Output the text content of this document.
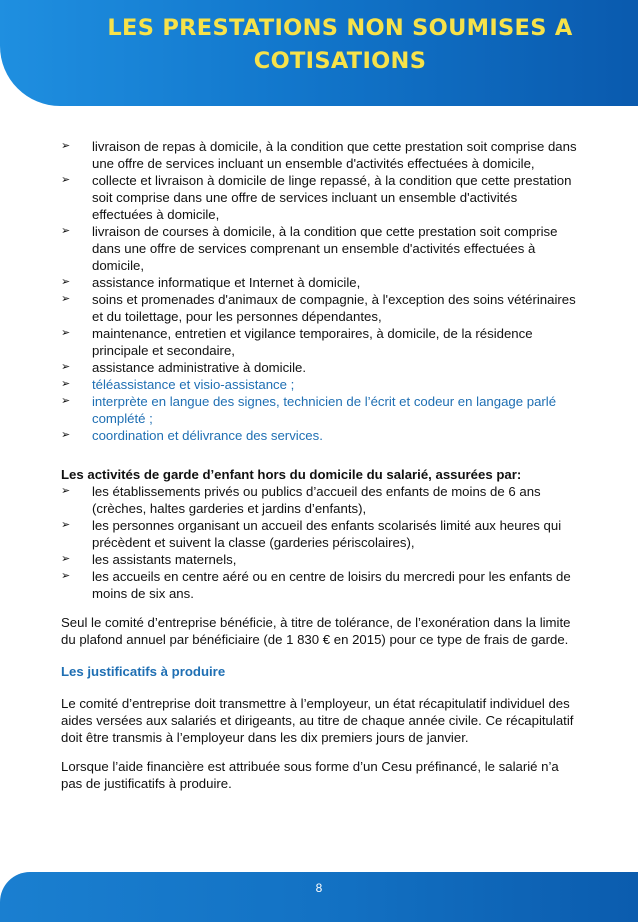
LES PRESTATIONS NON SOUMISES A
COTISATIONS
➢	livraison de repas à domicile, à la condition que cette prestation soit comprise dans une offre de services incluant un ensemble d'activités effectuées à domicile,
➢	collecte et livraison à domicile de linge repassé, à la condition que cette prestation soit comprise dans une offre de services incluant un ensemble d'activités effectuées à domicile,
➢	livraison de courses à domicile, à la condition que cette prestation soit comprise dans une offre de services comprenant un ensemble d'activités effectuées à domicile,
➢	assistance informatique et Internet à domicile,
➢	soins et promenades d'animaux de compagnie, à l'exception des soins vétérinaires et du toilettage, pour les personnes dépendantes,
➢	maintenance, entretien et vigilance temporaires, à domicile, de la résidence principale et secondaire,
➢	assistance administrative à domicile.
➢	téléassistance et visio-assistance ;
➢	interprète en langue des signes, technicien de l’écrit et codeur en langage parlé complété ;
➢	coordination et délivrance des services.
Les activités de garde d’enfant hors du domicile du salarié, assurées par:
➢	les établissements privés ou publics d’accueil des enfants de moins de 6 ans (crèches, haltes garderies et jardins d’enfants),
➢	les personnes organisant un accueil des enfants scolarisés limité aux heures qui précèdent et suivent la classe (garderies périscolaires),
➢	les assistants maternels,
➢	les accueils en centre aéré ou en centre de loisirs du mercredi pour les enfants de moins de six ans.
Seul le comité d’entreprise bénéficie, à titre de tolérance, de l’exonération dans la limite du plafond annuel par bénéficiaire (de 1 830 € en 2015) pour ce type de frais de garde.
Les justificatifs à produire
Le comité d’entreprise doit transmettre à l’employeur, un état récapitulatif individuel des aides versées aux salariés et dirigeants, au titre de chaque année civile. Ce récapitulatif doit être transmis à l’employeur dans les dix premiers jours de janvier.
Lorsque l’aide financière est attribuée sous forme d’un Cesu préfinancé, le salarié n’a pas de justificatifs à produire.
8
